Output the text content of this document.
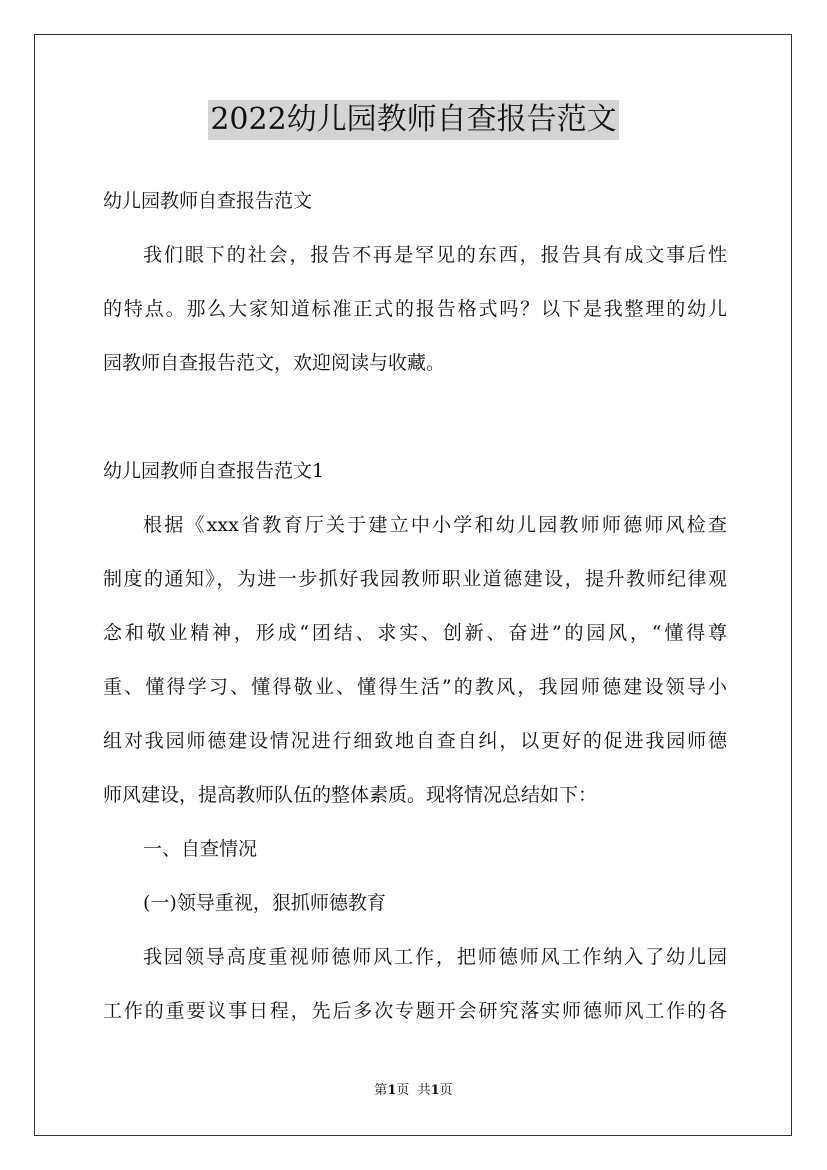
2022幼儿园教师自查报告范文
幼儿园教师自查报告范文
我们眼下的社会，报告不再是罕见的东西，报告具有成文事后性
的特点。那么大家知道标准正式的报告格式吗？以下是我整理的幼儿
园教师自查报告范文，欢迎阅读与收藏。
幼儿园教师自查报告范文1
根据《xxx省教育厅关于建立中小学和幼儿园教师师德师风检查
制度的通知》，为进一步抓好我园教师职业道德建设，提升教师纪律观
念和敬业精神，形成“团结、求实、创新、奋进”的园风，“懂得尊
重、懂得学习、懂得敬业、懂得生活”的教风，我园师德建设领导小
组对我园师德建设情况进行细致地自查自纠，以更好的促进我园师德
师风建设，提高教师队伍的整体素质。现将情况总结如下：
一、自查情况
(一)领导重视，狠抓师德教育
我园领导高度重视师德师风工作，把师德师风工作纳入了幼儿园
工作的重要议事日程，先后多次专题开会研究落实师德师风工作的各
第1页  共1页
